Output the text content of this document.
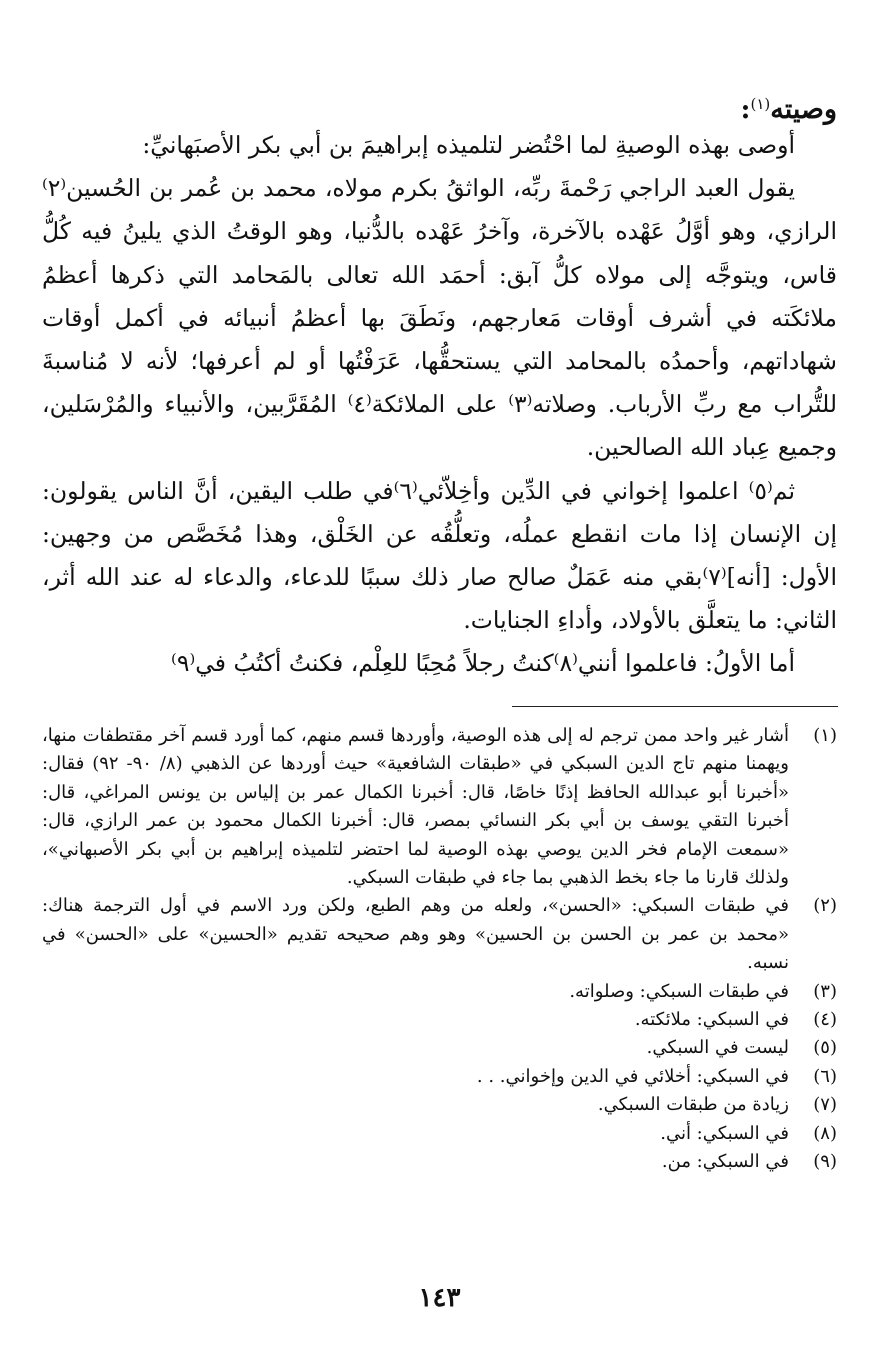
وصيته$^{(١)}$:

أوصى بهذه الوصيةِ لما احْتُضر لتلميذه إبراهيمَ بن أبي بكر الأصبَهانيِّ:

يقول العبد الراجي رَحْمةَ ربِّه، الواثقُ بكرم مولاه، محمد بن عُمر بن الحُسين⁽٢⁾ الرازي، وهو أوَّلُ عَهْده بالآخرة، وآخرُ عَهْده بالدُّنيا، وهو الوقتُ الذي يلينُ فيه كُلُّ قاس، ويتوجَّه إلى مولاه كلُّ آبق: أحمَد الله تعالى بالمَحامد التي ذكرها أعظمُ ملائكَته في أشرف أوقات مَعارجهم، ونَطَقَ بها أعظمُ أنبيائه في أكمل أوقات شهاداتهم، وأحمدُه بالمحامد التي يستحقُّها، عَرَفْتُها أو لم أعرفها؛ لأنه لا مُناسبةَ للتُّراب مع ربِّ الأرباب. وصلاته⁽٣⁾ على الملائكة⁽٤⁾ المُقَرَّبين، والأنبياء والمُرْسَلين، وجميع عِباد الله الصالحين.

ثم⁽٥⁾ اعلموا إخواني في الدِّين وأخِلاّئي⁽٦⁾في طلب اليقين، أنَّ الناس يقولون: إن الإنسان إذا مات انقطع عملُه، وتعلُّقُه عن الخَلْق، وهذا مُخَصَّص من وجهين: الأول: [أنه]⁽٧⁾بقي منه عَمَلٌ صالح صار ذلك سببًا للدعاء، والدعاء له عند الله أثر، الثاني: ما يتعلَّق بالأولاد، وأداءِ الجنايات.

أما الأولُ: فاعلموا أنني⁽٨⁾كنتُ رجلاً مُحِبًا للعِلْم، فكنتُ أكتُبُ في⁽٩⁾

(١)
أشار غير واحد ممن ترجم له إلى هذه الوصية، وأوردها قسم منهم، كما أورد قسم آخر مقتطفات منها، ويهمنا منهم تاج الدين السبكي في «طبقات الشافعية» حيث أوردها عن الذهبي (٨/ ٩٠- ٩٢) فقال: «أخبرنا أبو عبدالله الحافظ إذنًا خاصًا، قال: أخبرنا الكمال عمر بن إلياس بن يونس المراغي، قال: أخبرنا التقي يوسف بن أبي بكر النسائي بمصر، قال: أخبرنا الكمال محمود بن عمر الرازي، قال: «سمعت الإمام فخر الدين يوصي بهذه الوصية لما احتضر لتلميذه إبراهيم بن أبي بكر الأصبهاني»، ولذلك قارنا ما جاء بخط الذهبي بما جاء في طبقات السبكي.
(٢)
في طبقات السبكي: «الحسن»، ولعله من وهم الطبع، ولكن ورد الاسم في أول الترجمة هناك: «محمد بن عمر بن الحسن بن الحسين» وهو وهم صحيحه تقديم «الحسين» على «الحسن» في نسبه.
(٣)
في طبقات السبكي: وصلواته.
(٤)
في السبكي: ملائكته.
(٥)
ليست في السبكي.
(٦)
في السبكي: أخلائي في الدين وإخواني. . .
(٧)
زيادة من طبقات السبكي.
(٨)
في السبكي: أني.
(٩)
في السبكي: من.
١٤٣
